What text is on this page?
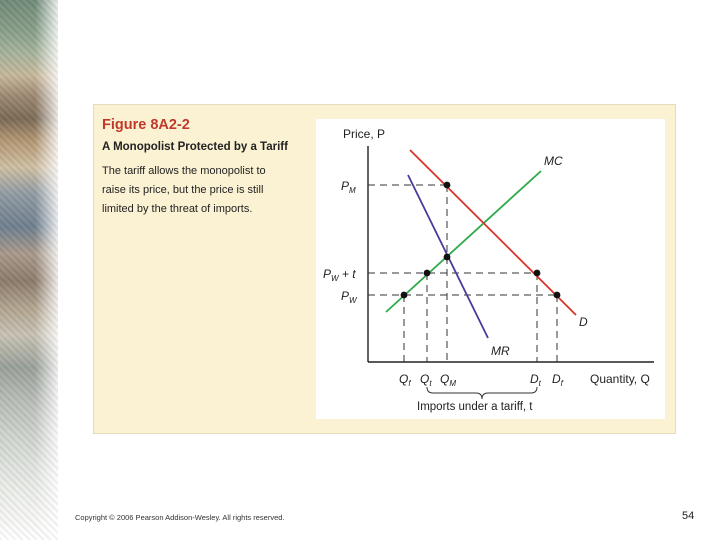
Figure 8A2-2
A Monopolist Protected by a Tariff
The tariff allows the monopolist to
raise its price, but the price is still
limited by the threat of imports.
Price, P
Quantity, Q
MC
D
MR
$P_M$
$P_W + t$
$P_W$
$Q_f$ $Q_t$ $Q_M$	$D_t$ $D_f$
Imports under a tariff, t
Copyright © 2006 Pearson Addison-Wesley. All rights reserved.	54
